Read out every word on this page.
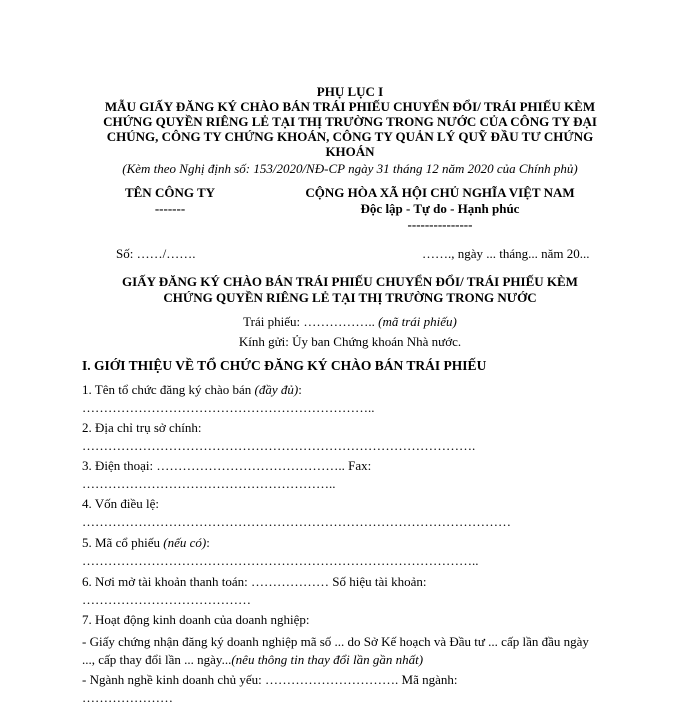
PHỤ LỤC I
MẪU GIẤY ĐĂNG KÝ CHÀO BÁN TRÁI PHIẾU CHUYỂN ĐỔI/ TRÁI PHIẾU KÈM
CHỨNG QUYỀN RIÊNG LẺ TẠI THỊ TRƯỜNG TRONG NƯỚC CỦA CÔNG TY ĐẠI
CHÚNG, CÔNG TY CHỨNG KHOÁN, CÔNG TY QUẢN LÝ QUỸ ĐẦU TƯ CHỨNG
KHOÁN
(Kèm theo Nghị định số: 153/2020/NĐ-CP ngày 31 tháng 12 năm 2020 của Chính phủ)
TÊN CÔNG TY
-------
CỘNG HÒA XÃ HỘI CHỦ NGHĨA VIỆT NAM
Độc lập - Tự do - Hạnh phúc
---------------
Số: ……/…….	……., ngày ... tháng... năm 20...
GIẤY ĐĂNG KÝ CHÀO BÁN TRÁI PHIẾU CHUYỂN ĐỔI/ TRÁI PHIẾU KÈM
CHỨNG QUYỀN RIÊNG LẺ TẠI THỊ TRƯỜNG TRONG NƯỚC
Trái phiếu: …………….. (mã trái phiếu)
Kính gửi: Ủy ban Chứng khoán Nhà nước.
I. GIỚI THIỆU VỀ TỔ CHỨC ĐĂNG KÝ CHÀO BÁN TRÁI PHIẾU
1. Tên tổ chức đăng ký chào bán (đầy đủ):
…………………………………………………………..
2. Địa chỉ trụ sở chính:
……………………………………………………………………………….
3. Điện thoại: …………………………………….. Fax:
…………………………………………………..
4. Vốn điều lệ:
………………………………………………………………………………………
5. Mã cổ phiếu (nếu có):
………………………………………………………………………………..
6. Nơi mở tài khoản thanh toán: ……………… Số hiệu tài khoản:
…………………………………
7. Hoạt động kinh doanh của doanh nghiệp:
- Giấy chứng nhận đăng ký doanh nghiệp mã số ... do Sở Kế hoạch và Đầu tư ... cấp lần đầu ngày
..., cấp thay đổi lần ... ngày...(nêu thông tin thay đổi lần gần nhất)
- Ngành nghề kinh doanh chủ yếu: …………………………. Mã ngành:
…………………
